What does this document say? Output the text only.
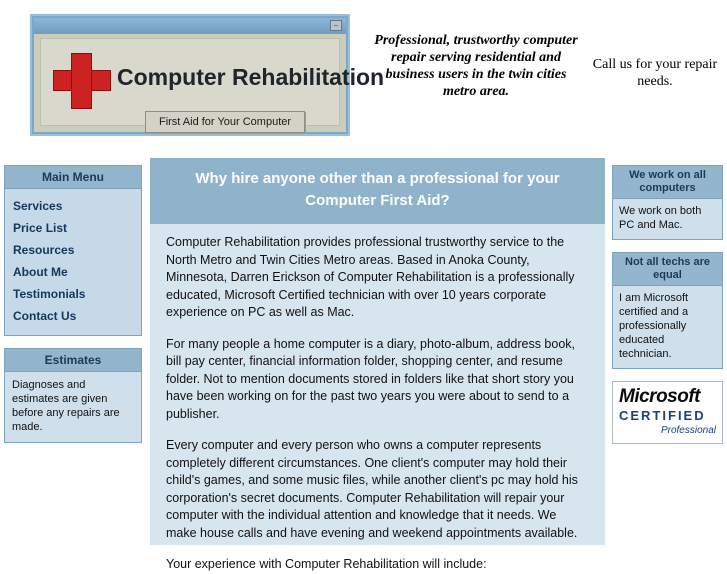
–
Computer Rehabilitation
First Aid for Your Computer
Professional, trustworthy computer repair serving residential and business users in the twin cities metro area.
Call us for your repair needs.
Main Menu
Services
Price List
Resources
About Me
Testimonials
Contact Us
Estimates
Diagnoses and estimates are given before any repairs are made.
Why hire anyone other than a professional for your Computer First Aid?

Computer Rehabilitation provides professional trustworthy service to the North Metro and Twin Cities Metro areas. Based in Anoka County, Minnesota, Darren Erickson of Computer Rehabilitation is a professionally educated, Microsoft Certified technician with over 10 years corporate experience on PC as well as Mac.

For many people a home computer is a diary, photo-album, address book, bill pay center, financial information folder, shopping center, and resume folder. Not to mention documents stored in folders like that short story you have been working on for the past two years you were about to send to a publisher.

Every computer and every person who owns a computer represents completely different circumstances. One client's computer may hold their child's games, and some music files, while another client's pc may hold his corporation's secret documents. Computer Rehabilitation will repair your computer with the individual attention and knowledge that it needs. We make house calls and have evening and weekend appointments available.

Your experience with Computer Rehabilitation will include:

We work on all computers
We work on both PC and Mac.
Not all techs are equal
I am Microsoft certified and a professionally educated technician.
Microsoft
CERTIFIED
Professional
